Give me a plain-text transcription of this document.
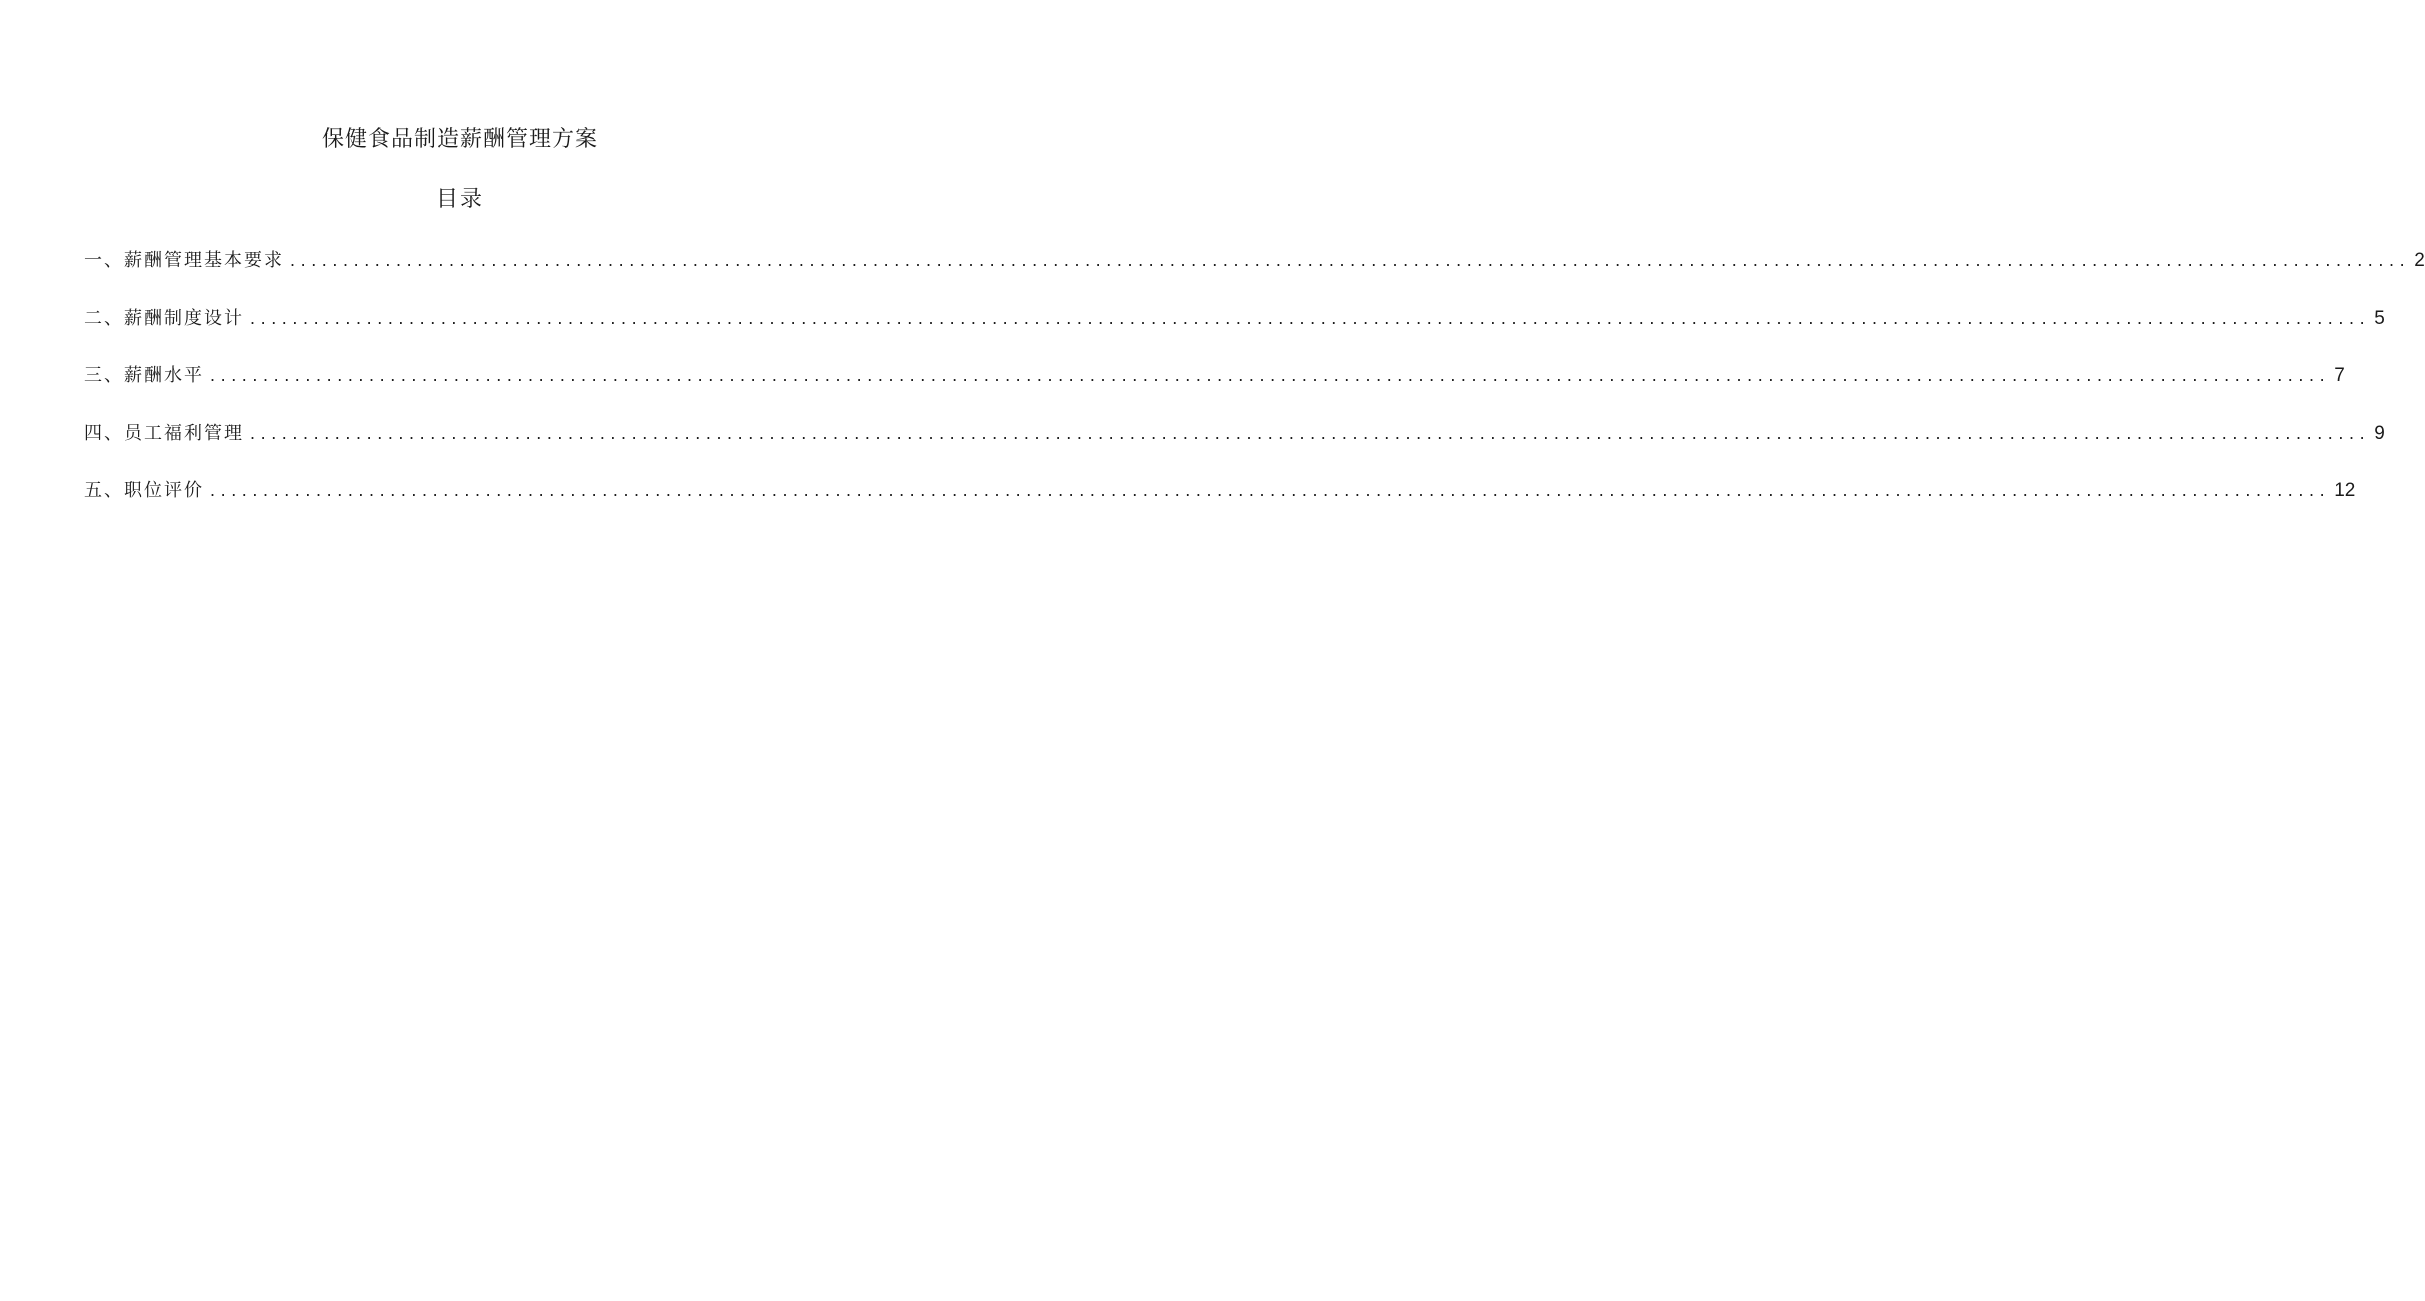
保健食品制造薪酬管理方案
目录
一、薪酬管理基本要求 ........................................................................................................................................................................................................ 2
二、薪酬制度设计 ........................................................................................................................................................................................................ 5
三、薪酬水平 ........................................................................................................................................................................................................ 7
四、员工福利管理 ........................................................................................................................................................................................................ 9
五、职位评价 ........................................................................................................................................................................................................ 12
